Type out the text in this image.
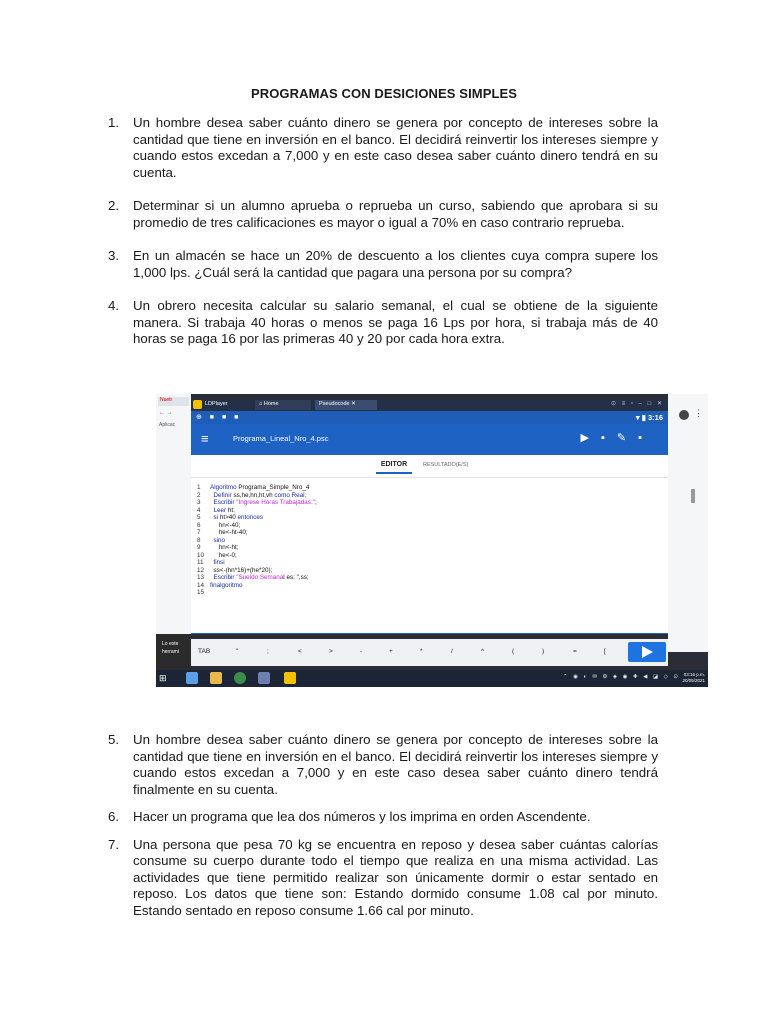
PROGRAMAS CON DESICIONES SIMPLES
1. Un hombre desea saber cuánto dinero se genera por concepto de intereses sobre la cantidad que tiene en inversión en el banco. El decidirá reinvertir los intereses siempre y cuando estos excedan a 7,000 y en este caso desea saber cuánto dinero tendrá en su cuenta.
2. Determinar si un alumno aprueba o reprueba un curso, sabiendo que aprobara si su promedio de tres calificaciones es mayor o igual a 70% en caso contrario reprueba.
3. En un almacén se hace un 20% de descuento a los clientes cuya compra supere los 1,000 lps. ¿Cuál será la cantidad que pagara una persona por su compra?
4. Un obrero necesita calcular su salario semanal, el cual se obtiene de la siguiente manera. Si trabaja 40 horas o menos se paga 16 Lps por hora, si trabaja más de 40 horas se paga 16 por las primeras 40 y 20 por cada hora extra.
Nuetr
← →
Aplicac
⋮
Lo este
herrami
LDPlayer	⌂ Home	Pseudocode ✕	⊙ ≡ ▫ – □ ✕
⊕ ■ ■ ■	▾ ▮ 3:16
≡	Programa_Lineal_Nro_4.psc	▶▪✎▪
EDITOR	RESULTADO(E/S)
1 Algoritmo Programa_Simple_Nro_4
2 Definir ss,he,hn,ht,vh como Real;
3 Escribir "Ingrese Horas Trabajadas:";
4 Leer ht;
5 si ht>40 entonces
6	hn<-40;
7	he<-ht-40;
8 sino
9	hn<-ht;
10 he<-0;
11 finsi
12 ss<-(hn*16)+(he*20);
13 Escribir "Sueldo Semanal es: ",ss;
14 finalgoritmo
15
TAB	"	;	<	>	-	+	*	/	^	(	)	=	[
⊞	⌃ ◉ ◐ ✉ ⚙ ◈ ◉ ✚ ◀ ◪ ◇ ⊙ 03:16 p.m.
20/05/2021
5. Un hombre desea saber cuánto dinero se genera por concepto de intereses sobre la cantidad que tiene en inversión en el banco. El decidirá reinvertir los intereses siempre y cuando estos excedan a 7,000 y en este caso desea saber cuánto dinero tendrá finalmente en su cuenta.
6. Hacer un programa que lea dos números y los imprima en orden Ascendente.
7. Una persona que pesa 70 kg se encuentra en reposo y desea saber cuántas calorías consume su cuerpo durante todo el tiempo que realiza en una misma actividad. Las actividades que tiene permitido realizar son únicamente dormir o estar sentado en reposo. Los datos que tiene son: Estando dormido consume 1.08 cal por minuto. Estando sentado en reposo consume 1.66 cal por minuto.
